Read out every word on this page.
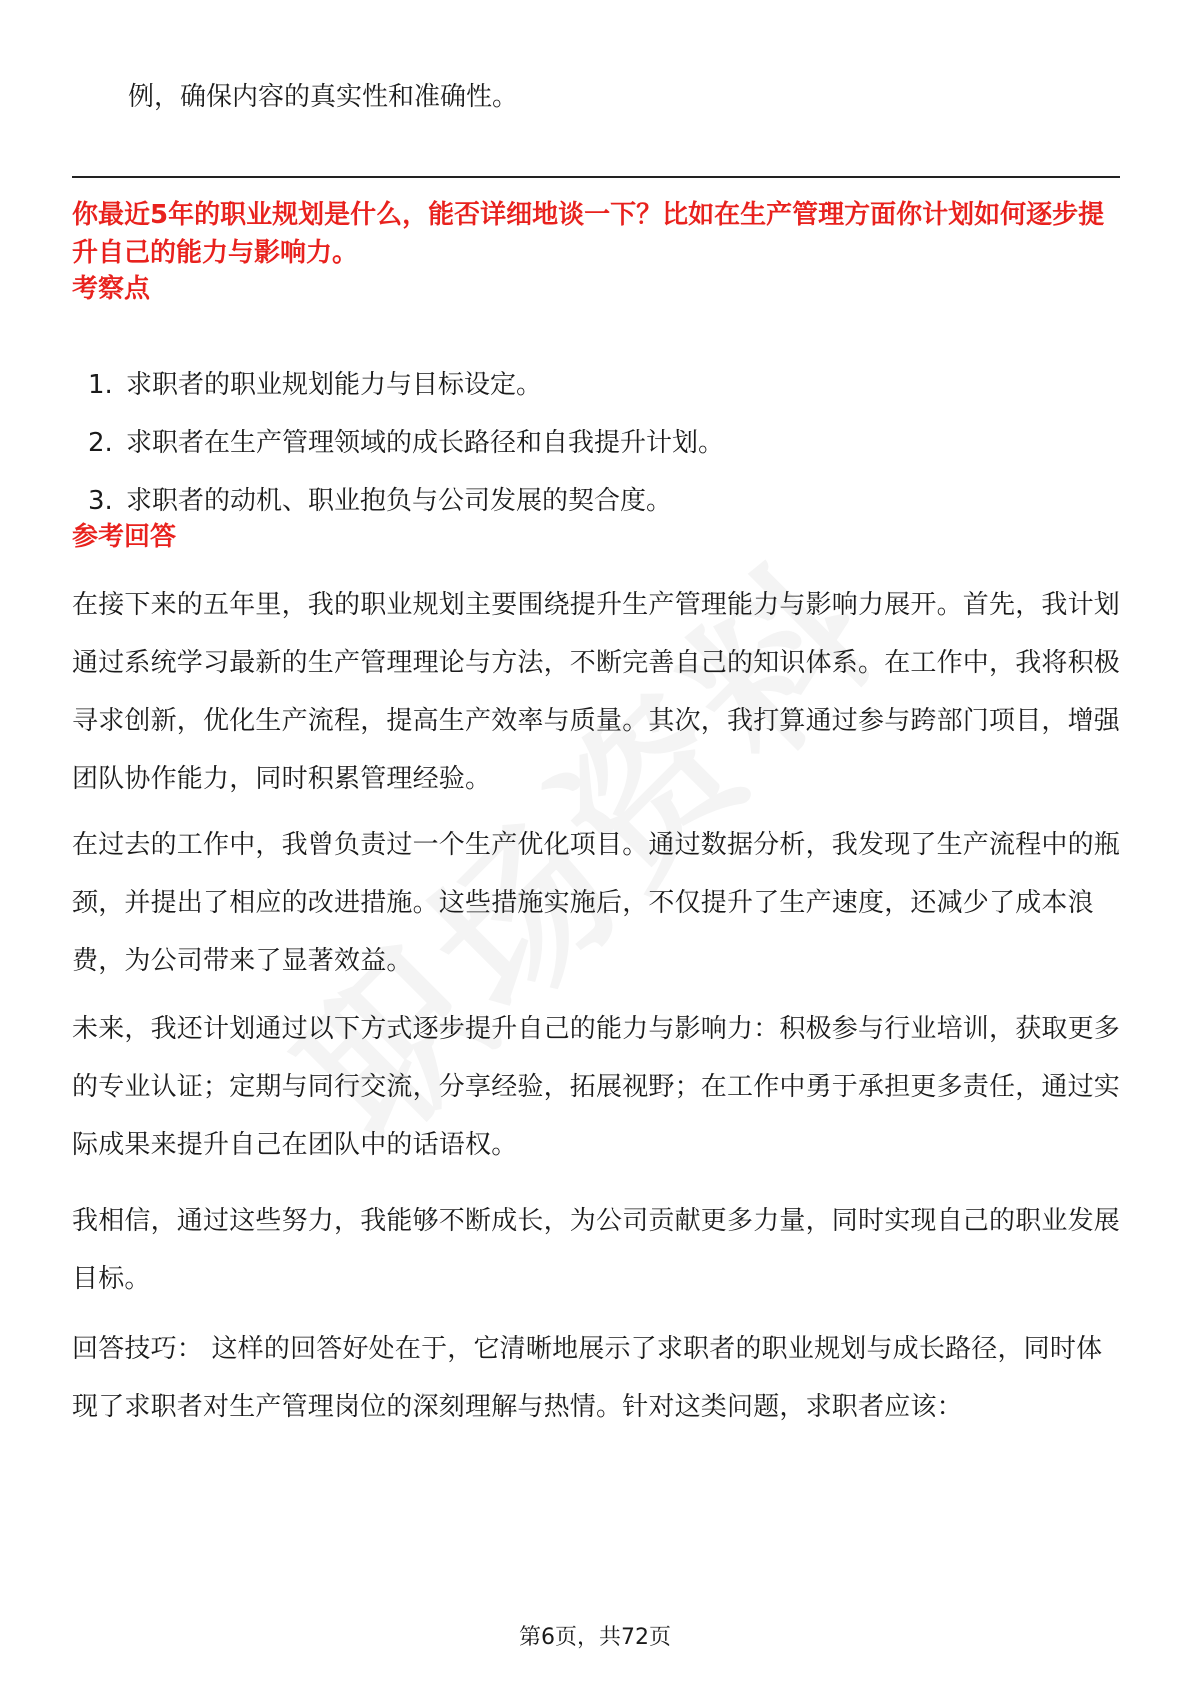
例，确保内容的真实性和准确性。
你最近5年的职业规划是什么，能否详细地谈一下？比如在生产管理方面你计划如何逐步提升自己的能力与影响力。
考察点
1. 求职者的职业规划能力与目标设定。
2. 求职者在生产管理领域的成长路径和自我提升计划。
3. 求职者的动机、职业抱负与公司发展的契合度。
参考回答

在接下来的五年里，我的职业规划主要围绕提升生产管理能力与影响力展开。首先，我计划通过系统学习最新的生产管理理论与方法，不断完善自己的知识体系。在工作中，我将积极寻求创新，优化生产流程，提高生产效率与质量。其次，我打算通过参与跨部门项目，增强团队协作能力，同时积累管理经验。

在过去的工作中，我曾负责过一个生产优化项目。通过数据分析，我发现了生产流程中的瓶颈，并提出了相应的改进措施。这些措施实施后，不仅提升了生产速度，还减少了成本浪费，为公司带来了显著效益。

未来，我还计划通过以下方式逐步提升自己的能力与影响力：积极参与行业培训，获取更多的专业认证；定期与同行交流，分享经验，拓展视野；在工作中勇于承担更多责任，通过实际成果来提升自己在团队中的话语权。

我相信，通过这些努力，我能够不断成长，为公司贡献更多力量，同时实现自己的职业发展目标。

回答技巧： 这样的回答好处在于，它清晰地展示了求职者的职业规划与成长路径，同时体现了求职者对生产管理岗位的深刻理解与热情。针对这类问题，求职者应该：

第6页，共72页
